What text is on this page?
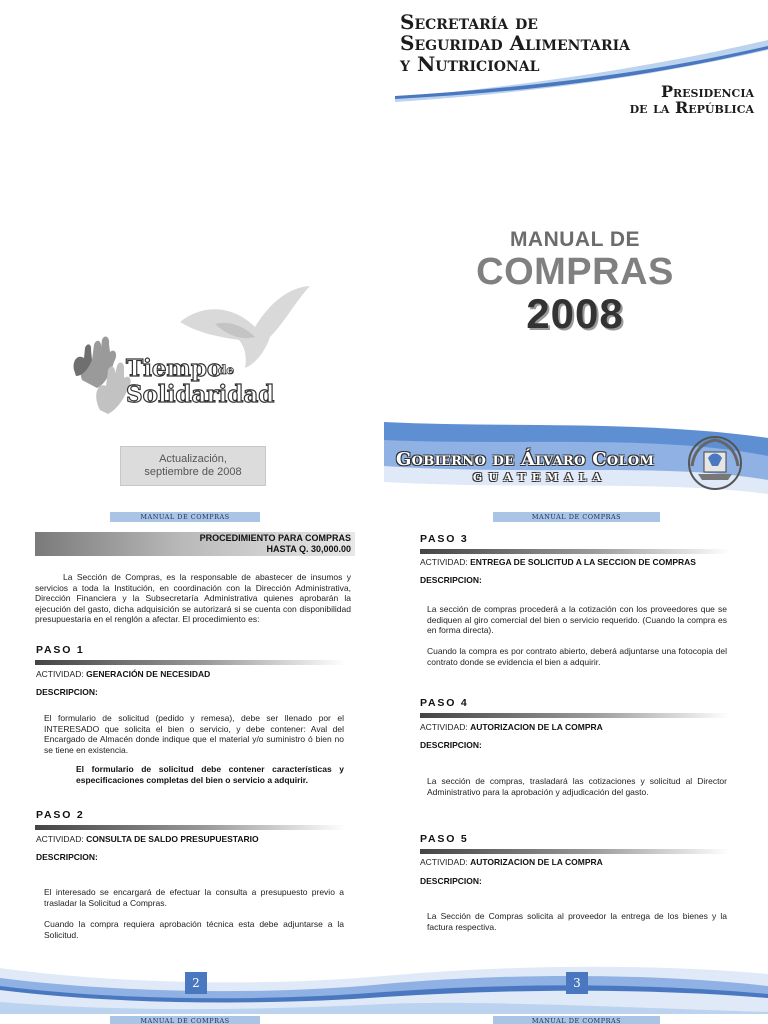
Secretaría de
Seguridad Alimentaria
y Nutricional
Presidencia
de la República
MANUAL DE
COMPRAS
2008
Tiempo
de
Solidaridad
Actualización,
septiembre de 2008
Gobierno de Álvaro Colom
GUATEMALA
MANUAL DE COMPRAS	MANUAL DE COMPRAS
PROCEDIMIENTO PARA COMPRAS
HASTA Q. 30,000.00
La Sección de Compras, es la responsable de abastecer de insumos y servicios a toda la Institución, en coordinación con la Dirección Administrativa, Dirección Financiera y la Subsecretaría Administrativa quienes aprobarán la ejecución del gasto, dicha adquisición se autorizará si se cuenta con disponibilidad presupuestaria en el renglón a afectar. El procedimiento es:
PASO 1
ACTIVIDAD: GENERACIÓN DE NECESIDAD
DESCRIPCION:
El formulario de solicitud (pedido y remesa), debe ser llenado por el INTERESADO que solicita el bien o servicio, y debe contener: Aval del Encargado de Almacén donde indique que el material y/o suministro ó bien no se tiene en existencia.
El formulario de solicitud debe contener características y especificaciones completas del bien o servicio a adquirir.
PASO 2
ACTIVIDAD: CONSULTA DE SALDO PRESUPUESTARIO
DESCRIPCION:
El interesado se encargará de efectuar la consulta a presupuesto previo a trasladar la Solicitud a Compras.
Cuando la compra requiera aprobación técnica esta debe adjuntarse a la Solicitud.
PASO 3
ACTIVIDAD: ENTREGA DE SOLICITUD A LA SECCION DE COMPRAS
DESCRIPCION:
La sección de compras procederá a la cotización con los proveedores que se dediquen al giro comercial del bien o servicio requerido. (Cuando la compra es en forma directa).
Cuando la compra es por contrato abierto, deberá adjuntarse una fotocopia del contrato donde se evidencia el bien a adquirir.
PASO 4
ACTIVIDAD: AUTORIZACION DE LA COMPRA
DESCRIPCION:
La sección de compras, trasladará las cotizaciones y solicitud al Director Administrativo para la aprobación y adjudicación del gasto.
PASO 5
ACTIVIDAD: AUTORIZACION DE LA COMPRA
DESCRIPCION:
La Sección de Compras solicita al proveedor la entrega de los bienes y la factura respectiva.
2	3
MANUAL DE COMPRAS	MANUAL DE COMPRAS
